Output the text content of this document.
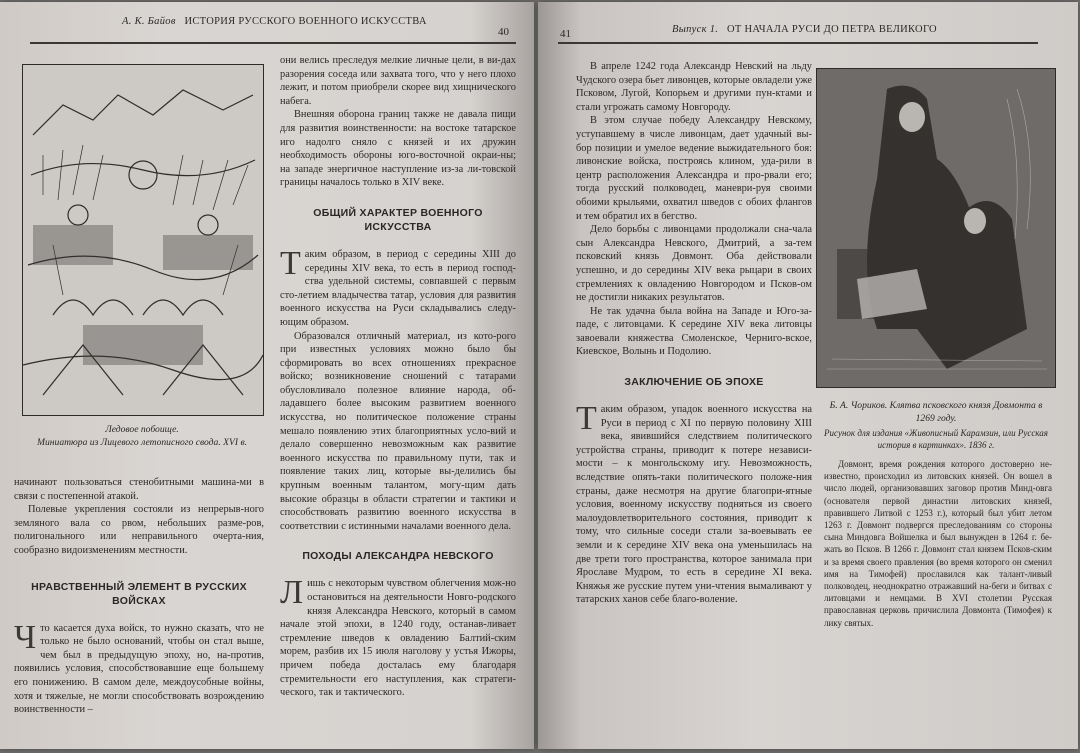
А. К. Байов ИСТОРИЯ РУССКОГО ВОЕННОГО ИСКУССТВА
40
Ледовое побоище.
Миниатюра из Лицевого летописного свода. XVI в.

начинают пользоваться стенобитными машина-ми в связи с постепенной атакой.

Полевые укрепления состояли из непрерыв-ного земляного вала со рвом, небольших разме-ров, полигонального или неправильного очерта-ния, сообразно видоизменениям местности.

НРАВСТВЕННЫЙ ЭЛЕМЕНТ В РУССКИХ ВОЙСКАХ

Что касается духа войск, то нужно сказать, что не только не было оснований, чтобы он стал выше, чем был в предыдущую эпоху, но, на-против, появились условия, способствовавшие еще большему его понижению. В самом деле, междоусобные войны, хотя и тяжелые, не могли способствовать возрождению воинственности –

они велись преследуя мелкие личные цели, в ви-дах разорения соседа или захвата того, что у него плохо лежит, и потом приобрели скорее вид хищнического набега.

Внешняя оборона границ также не давала пищи для развития воинственности: на востоке татарское иго надолго сняло с князей и их дружин необходимость обороны юго-восточной окраи-ны; на западе энергичное наступление из-за ли-товской границы началось только в XIV веке.

ОБЩИЙ ХАРАКТЕР ВОЕННОГО ИСКУССТВА

Таким образом, в период с середины XIII до середины XIV века, то есть в период господ-ства удельной системы, совпавшей с первым сто-летием владычества татар, условия для развития военного искусства на Руси складывались следу-ющим образом.

Образовался отличный материал, из кото-рого при известных условиях можно было бы сформировать во всех отношениях прекрасное войско; возникновение сношений с татарами обусловливало полезное влияние народа, об-ладавшего более высоким развитием военного искусства, но политическое положение страны мешало появлению этих благоприятных усло-вий и делало совершенно невозможным как развитие военного искусства по правильному пути, так и появление таких лиц, которые вы-делились бы крупным военным талантом, могу-щим дать высокие образцы в области стратегии и тактики и способствовать развитию военного искусства в соответствии с истинными началами военного дела.

ПОХОДЫ АЛЕКСАНДРА НЕВСКОГО

Лишь с некоторым чувством облегчения мож-но остановиться на деятельности Новго-родского князя Александра Невского, который в самом начале этой эпохи, в 1240 году, останав-ливает стремление шведов к овладению Балтий-ским морем, разбив их 15 июля наголову у устья Ижоры, причем победа досталась ему благодаря стремительности его наступления, как стратеги-ческого, так и тактического.

41	Выпуск 1. ОТ НАЧАЛА РУСИ ДО ПЕТРА ВЕЛИКОГО

В апреле 1242 года Александр Невский на льду Чудского озера бьет ливонцев, которые овладели уже Псковом, Лугой, Копорьем и другими пун-ктами и стали угрожать самому Новгороду.

В этом случае победу Александру Невскому, уступавшему в числе ливонцам, дает удачный вы-бор позиции и умелое ведение выжидательного боя: ливонские войска, построясь клином, уда-рили в центр расположения Александра и про-рвали его; тогда русский полководец, маневри-руя своими обоими крыльями, охватил шведов с обоих флангов и тем обратил их в бегство.

Дело борьбы с ливонцами продолжали сна-чала сын Александра Невского, Дмитрий, а за-тем псковский князь Довмонт. Оба действовали успешно, и до середины XIV века рыцари в своих стремлениях к овладению Новгородом и Псков-ом не достигли никаких результатов.

Не так удачна была война на Западе и Юго-за-паде, с литовцами. К середине XIV века литовцы завоевали княжества Смоленское, Черниго-вское, Киевское, Волынь и Подолию.

ЗАКЛЮЧЕНИЕ ОБ ЭПОХЕ

Таким образом, упадок военного искусства на Руси в период с XI по первую половину XIII века, явившийся следствием политического устройства страны, приводит к потере независи-мости – к монгольскому игу. Невозможность, вследствие опять-таки политического положе-ния страны, даже несмотря на другие благопри-ятные условия, военному искусству подняться из своего малоудовлетворительного состояния, приводит к тому, что сильные соседи стали за-воевывать ее земли и к середине XIV века она уменьшилась на две трети того пространства, которое занимала при Ярославе Мудром, то есть в середине XI века. Княжья же русские путем уни-чтения вымаливают у татарских ханов себе благо-воление.

Б. А. Чориков. Клятва псковского князя Довмонта в 1269 году.
Рисунок для издания «Живописный Карамзин, или Русская история в картинках». 1836 г.

Довмонт, время рождения которого достоверно не-известно, происходил из литовских князей. Он вошел в число людей, организовавших заговор против Минд-овга (основателя первой династии литовских князей, правившего Литвой с 1253 г.), который был убит летом 1263 г. Довмонт подвергся преследованиям со стороны сына Миндовга Войшелка и был вынужден в 1264 г. бе-жать во Псков. В 1266 г. Довмонт стал князем Псков-ским и за время своего правления (во время которого он сменил имя на Тимофей) прославился как талант-ливый полководец, неоднократно отражавший на-беги и битвах с литовцами и немцами. В XVI столетии Русская православная церковь причислила Довмонта (Тимофея) к лику святых.
